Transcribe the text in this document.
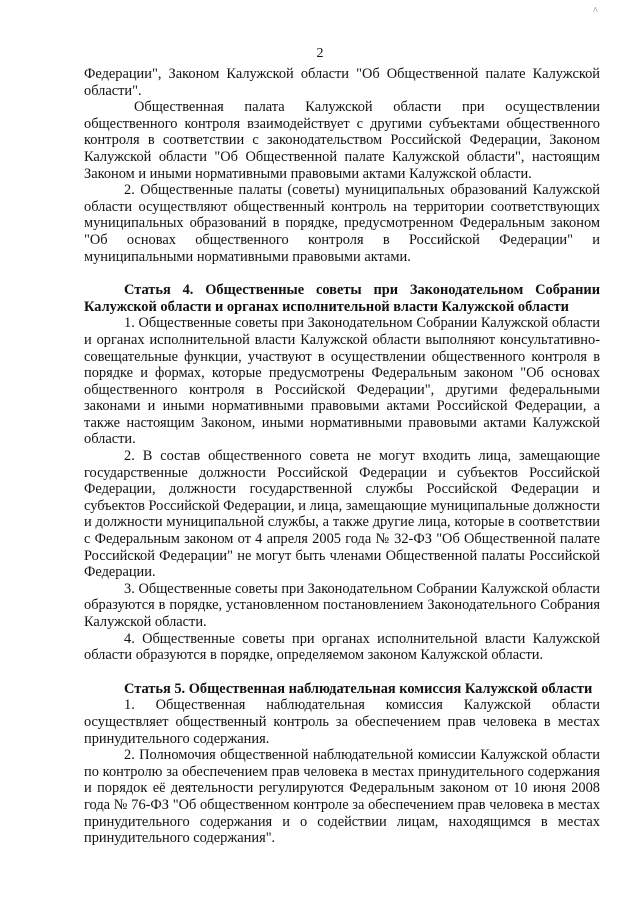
^
2
Федерации", Законом Калужской области "Об Общественной палате Калужской области".
Общественная палата Калужской области при осуществлении общественного контроля взаимодействует с другими субъектами общественного контроля в соответствии с законодательством Российской Федерации, Законом Калужской области "Об Общественной палате Калужской области", настоящим Законом и иными нормативными правовыми актами Калужской области.
2. Общественные палаты (советы) муниципальных образований Калужской области осуществляют общественный контроль на территории соответствующих муниципальных образований в порядке, предусмотренном Федеральным законом "Об основах общественного контроля в Российской Федерации" и муниципальными нормативными правовыми актами.
Статья 4. Общественные советы при Законодательном Собрании Калужской области и органах исполнительной власти Калужской области
1. Общественные советы при Законодательном Собрании Калужской области и органах исполнительной власти Калужской области выполняют консультативно-совещательные функции, участвуют в осуществлении общественного контроля в порядке и формах, которые предусмотрены Федеральным законом "Об основах общественного контроля в Российской Федерации", другими федеральными законами и иными нормативными правовыми актами Российской Федерации, а также настоящим Законом, иными нормативными правовыми актами Калужской области.
2. В состав общественного совета не могут входить лица, замещающие государственные должности Российской Федерации и субъектов Российской Федерации, должности государственной службы Российской Федерации и субъектов Российской Федерации, и лица, замещающие муниципальные должности и должности муниципальной службы, а также другие лица, которые в соответствии с Федеральным законом от 4 апреля 2005 года № 32-ФЗ "Об Общественной палате Российской Федерации" не могут быть членами Общественной палаты Российской Федерации.
3. Общественные советы при Законодательном Собрании Калужской области образуются в порядке, установленном постановлением Законодательного Собрания Калужской области.
4. Общественные советы при органах исполнительной власти Калужской области образуются в порядке, определяемом законом Калужской области.
Статья 5. Общественная наблюдательная комиссия Калужской области
1. Общественная наблюдательная комиссия Калужской области осуществляет общественный контроль за обеспечением прав человека в местах принудительного содержания.
2. Полномочия общественной наблюдательной комиссии Калужской области по контролю за обеспечением прав человека в местах принудительного содержания и порядок её деятельности регулируются Федеральным законом от 10 июня 2008 года № 76-ФЗ "Об общественном контроле за обеспечением прав человека в местах принудительного содержания и о содействии лицам, находящимся в местах принудительного содержания".
